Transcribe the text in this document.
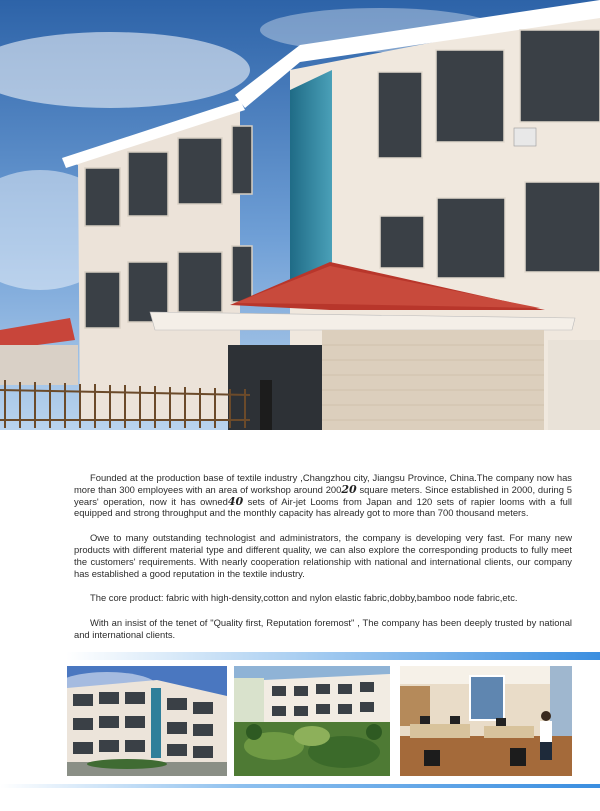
Founded at the production base of textile industry ,Changzhou city, Jiangsu Province, China.The company now has more than 300 employees with an area of workshop around 20020 square meters. Since established in 2000, during 5 years' operation, now it has owned40 sets of Air-jet Looms from Japan and 120 sets of rapier looms with a full equipped and strong throughput and the monthly capacity has already got to more than 700 thousand meters.

Owe to many outstanding technologist and administrators, the company is developing very fast. For many new products with different material type and different quality, we can also explore the corresponding products to fully meet the customers' requirements. With nearly cooperation relationship with national and international clients, our company has established a good reputation in the textile industry.

The core product: fabric with high-density,cotton and nylon elastic fabric,dobby,bamboo node fabric,etc.

With an insist of the tenet of "Quality first, Reputation foremost" , The company has been deeply trusted by national and international clients.
